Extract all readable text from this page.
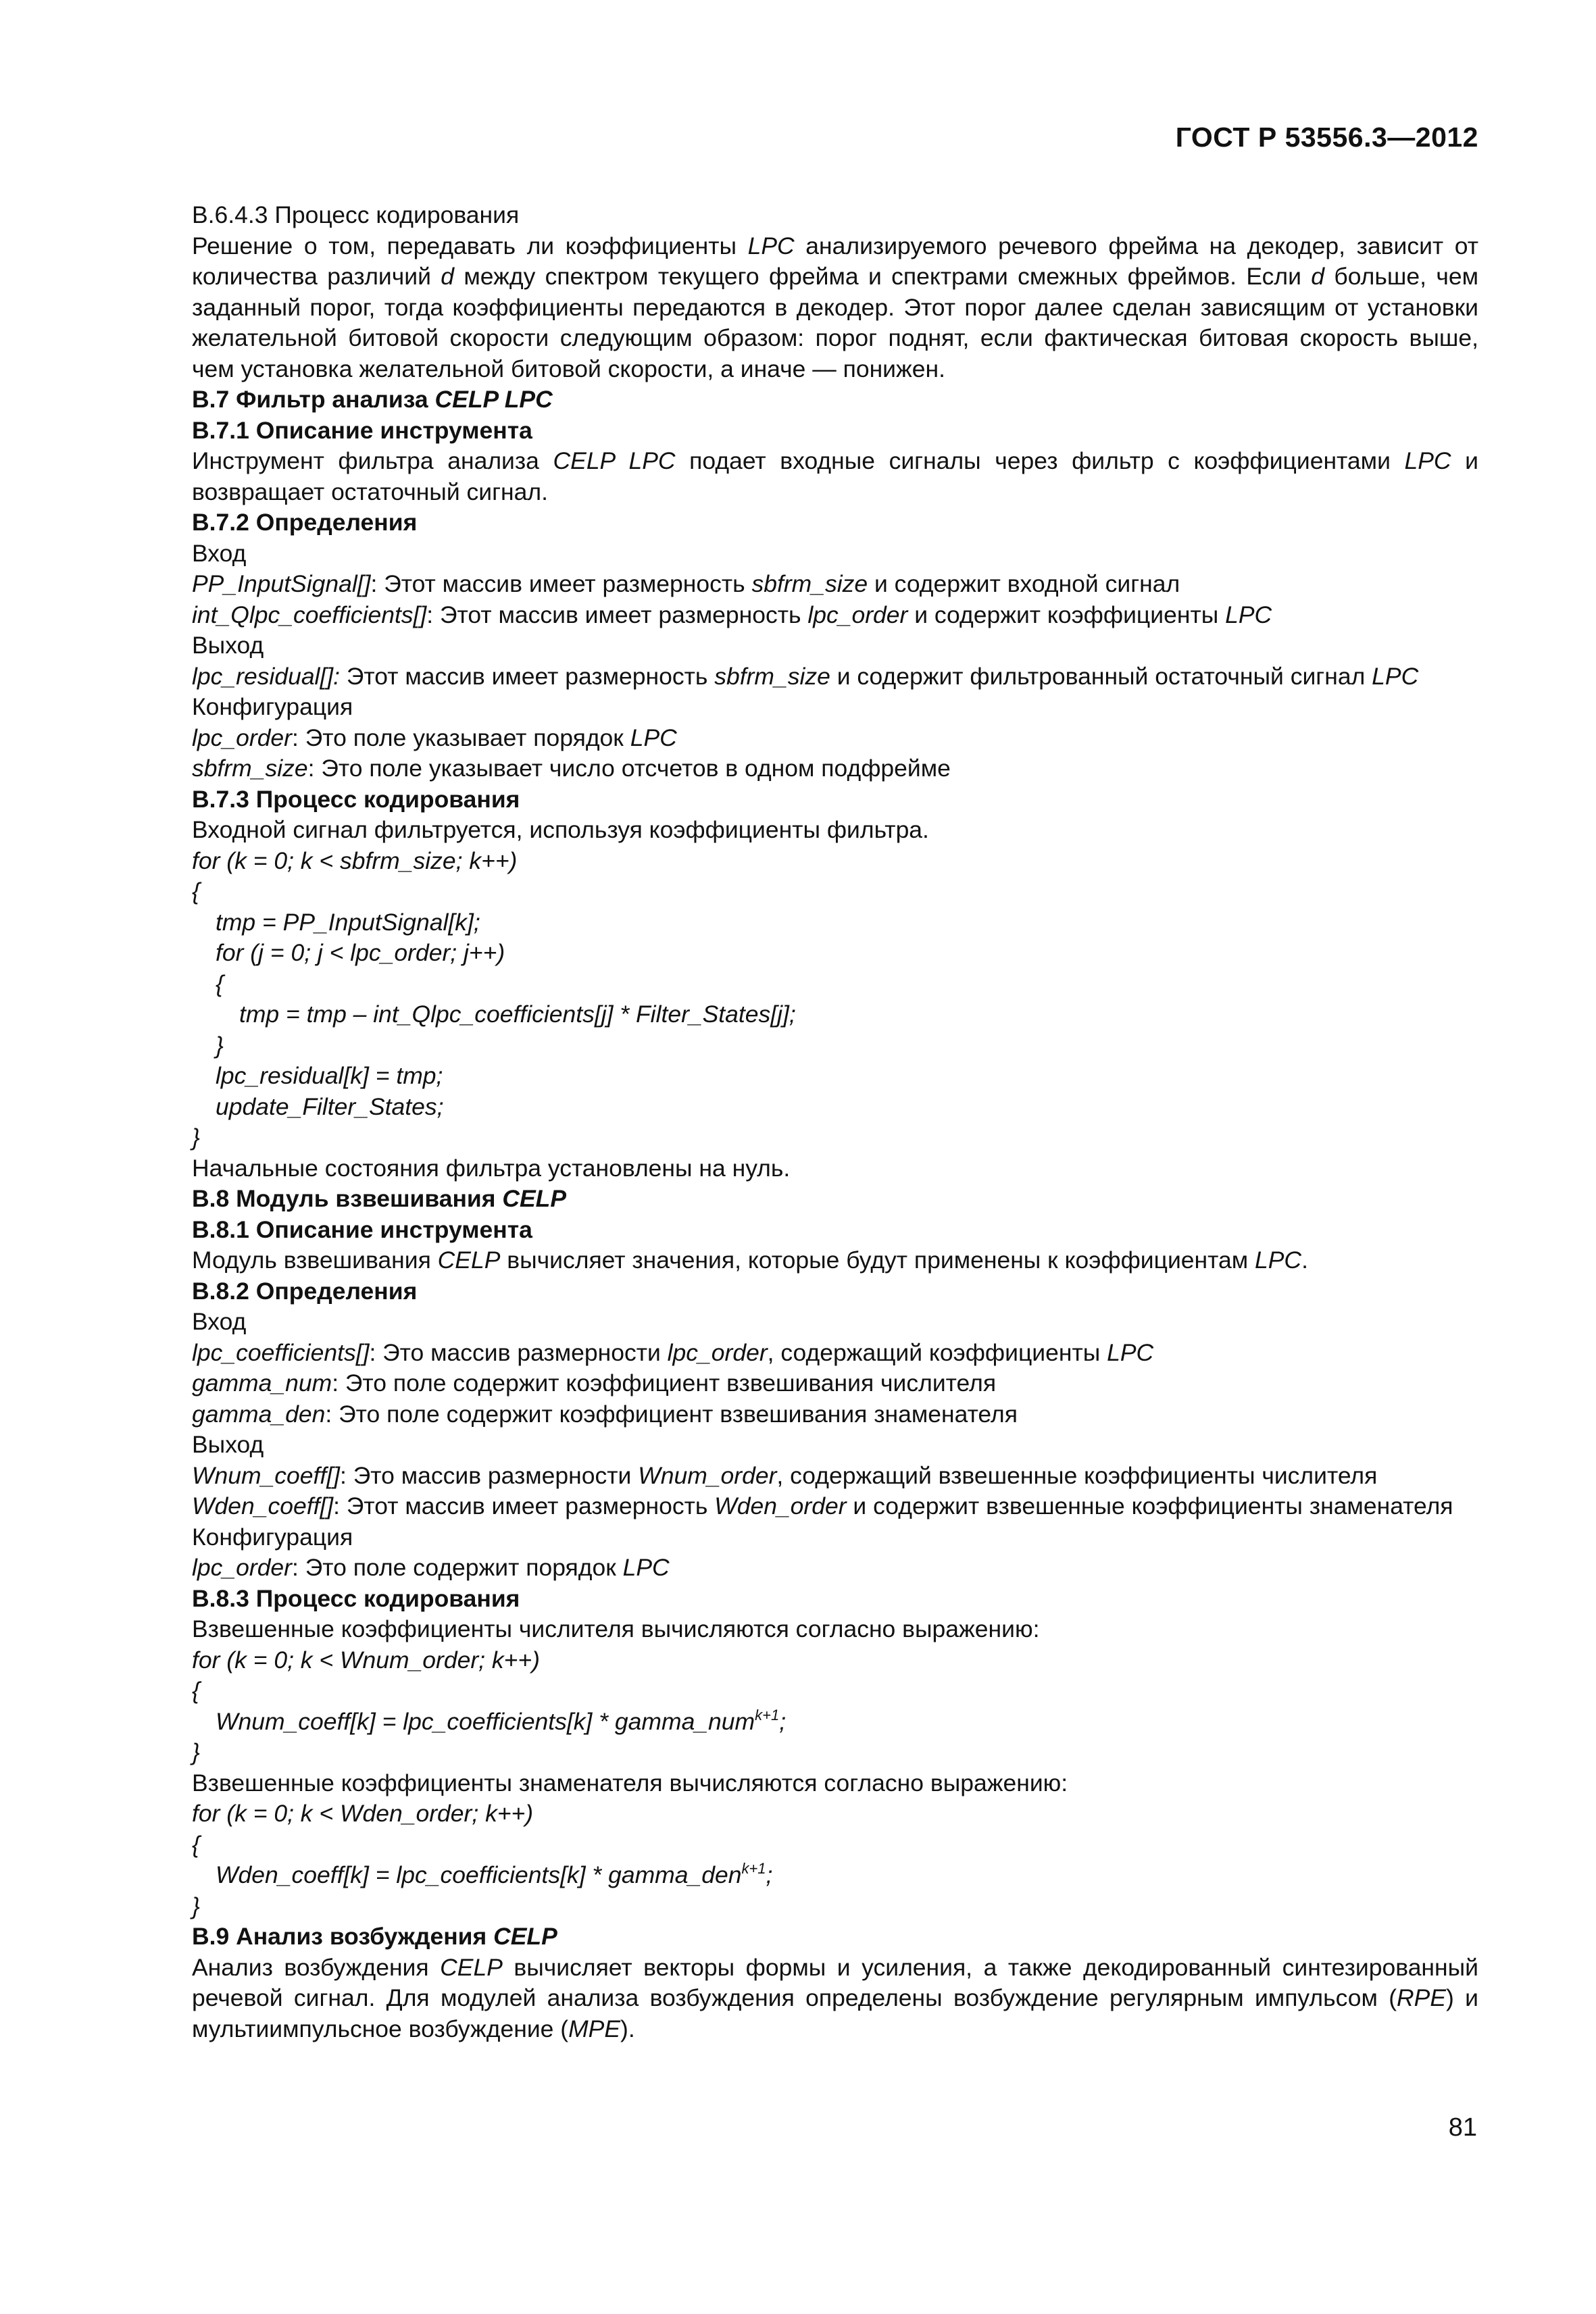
ГОСТ Р 53556.3—2012

В.6.4.3 Процесс кодирования

Решение о том, передавать ли коэффициенты LPC анализируемого речевого фрейма на декодер, зависит от количества различий d между спектром текущего фрейма и спектрами смежных фреймов. Если d больше, чем заданный порог, тогда коэффициенты передаются в декодер. Этот порог далее сделан зависящим от установки желательной битовой скорости следующим образом: порог поднят, если фактическая битовая скорость выше, чем установка желательной битовой скорости, а иначе — понижен.

В.7 Фильтр анализа CELP LPC

В.7.1 Описание инструмента

Инструмент фильтра анализа CELP LPC подает входные сигналы через фильтр с коэффициентами LPC и возвращает остаточный сигнал.

В.7.2 Определения

Вход

PP_InputSignal[]: Этот массив имеет размерность sbfrm_size и содержит входной сигнал

int_Qlpc_coefficients[]: Этот массив имеет размерность lpc_order и содержит коэффициенты LPC

Выход

lpc_residual[]: Этот массив имеет размерность sbfrm_size и содержит фильтрованный остаточный сигнал LPC

Конфигурация

lpc_order: Это поле указывает порядок LPC

sbfrm_size: Это поле указывает число отсчетов в одном подфрейме

В.7.3 Процесс кодирования

Входной сигнал фильтруется, используя коэффициенты фильтра.

for (k = 0; k < sbfrm_size; k++)

{

tmp = PP_InputSignal[k];

for (j = 0; j < lpc_order; j++)

{

tmp = tmp – int_Qlpc_coefficients[j] * Filter_States[j];

}

lpc_residual[k] = tmp;

update_Filter_States;

}

Начальные состояния фильтра установлены на нуль.

В.8 Модуль взвешивания CELP

В.8.1 Описание инструмента

Модуль взвешивания CELP вычисляет значения, которые будут применены к коэффициентам LPC.

В.8.2 Определения

Вход

lpc_coefficients[]: Это массив размерности lpc_order, содержащий коэффициенты LPC

gamma_num: Это поле содержит коэффициент взвешивания числителя

gamma_den: Это поле содержит коэффициент взвешивания знаменателя

Выход

Wnum_coeff[]: Это массив размерности Wnum_order, содержащий взвешенные коэффициенты числителя

Wden_coeff[]: Этот массив имеет размерность Wden_order и содержит взвешенные коэффициенты знаменателя

Конфигурация

lpc_order: Это поле содержит порядок LPC

В.8.3 Процесс кодирования

Взвешенные коэффициенты числителя вычисляются согласно выражению:

for (k = 0; k < Wnum_order; k++)

{

Wnum_coeff[k] = lpc_coefficients[k] * gamma_num$^{k+1}$;

}

Взвешенные коэффициенты знаменателя вычисляются согласно выражению:

for (k = 0; k < Wden_order; k++)

{

Wden_coeff[k] = lpc_coefficients[k] * gamma_den$^{k+1}$;

}

В.9 Анализ возбуждения CELP

Анализ возбуждения CELP вычисляет векторы формы и усиления, а также декодированный синтезированный речевой сигнал. Для модулей анализа возбуждения определены возбуждение регулярным импульсом (RPE) и мультиимпульсное возбуждение (MPE).

81
